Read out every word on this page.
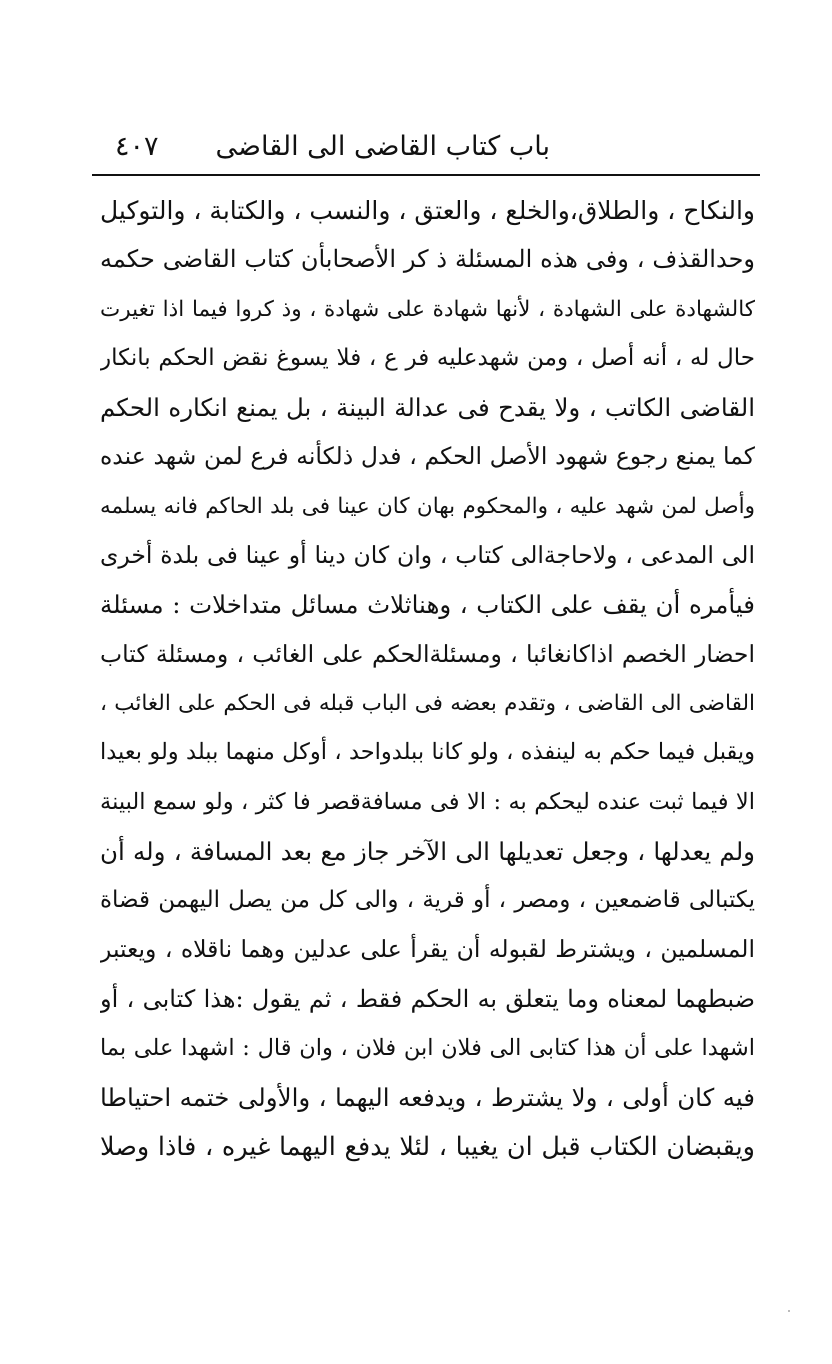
باب كتاب القاضى الى القاضى
٤٠٧
والنكاح ، والطلاق،والخلع ، والعتق ، والنسب ، والكتابة ، والتوكيل
وحدالقذف ، وفى هذه المسئلة ذ كر الأصحابأن كتاب القاضى حكمه
كالشهادة على الشهادة ، لأنها شهادة على شهادة ، وذ كروا فيما اذا تغيرت
حال له ، أنه أصل ، ومن شهدعليه فر ع ، فلا يسوغ نقض الحكم بانكار
القاضى الكاتب ، ولا يقدح فى عدالة البينة ، بل يمنع انكاره الحكم
كما يمنع رجوع شهود الأصل الحكم ، فدل ذلكأنه فرع لمن شهد عنده
وأصل لمن شهد عليه ، والمحكوم بهان كان عينا فى بلد الحاكم فانه يسلمه
الى المدعى ، ولاحاجةالى كتاب ، وان كان دينا أو عينا فى بلدة أخرى
فيأمره أن يقف على الكتاب ، وهناثلاث مسائل متداخلات : مسئلة
احضار الخصم اذاكانغائبا ، ومسئلةالحكم على الغائب ، ومسئلة كتاب
القاضى الى القاضى ، وتقدم بعضه فى الباب قبله فى الحكم على الغائب ،
ويقبل فيما حكم به لينفذه ، ولو كانا ببلدواحد ، أوكل منهما ببلد ولو بعيدا
الا فيما ثبت عنده ليحكم به : الا فى مسافةقصر فا كثر ، ولو سمع البينة
ولم يعدلها ، وجعل تعديلها الى الآخر جاز مع بعد المسافة ، وله أن
يكتبالى قاضمعين ، ومصر ، أو قرية ، والى كل من يصل اليهمن قضاة
المسلمين ، ويشترط لقبوله أن يقرأ على عدلين وهما ناقلاه ، ويعتبر
ضبطهما لمعناه وما يتعلق به الحكم فقط ، ثم يقول :هذا كتابى ، أو
اشهدا على أن هذا كتابى الى فلان ابن فلان ، وان قال : اشهدا على بما
فيه كان أولى ، ولا يشترط ، ويدفعه اليهما ، والأولى ختمه احتياطا
ويقبضان الكتاب قبل ان يغيبا ، لئلا يدفع اليهما غيره ، فاذا وصلا
